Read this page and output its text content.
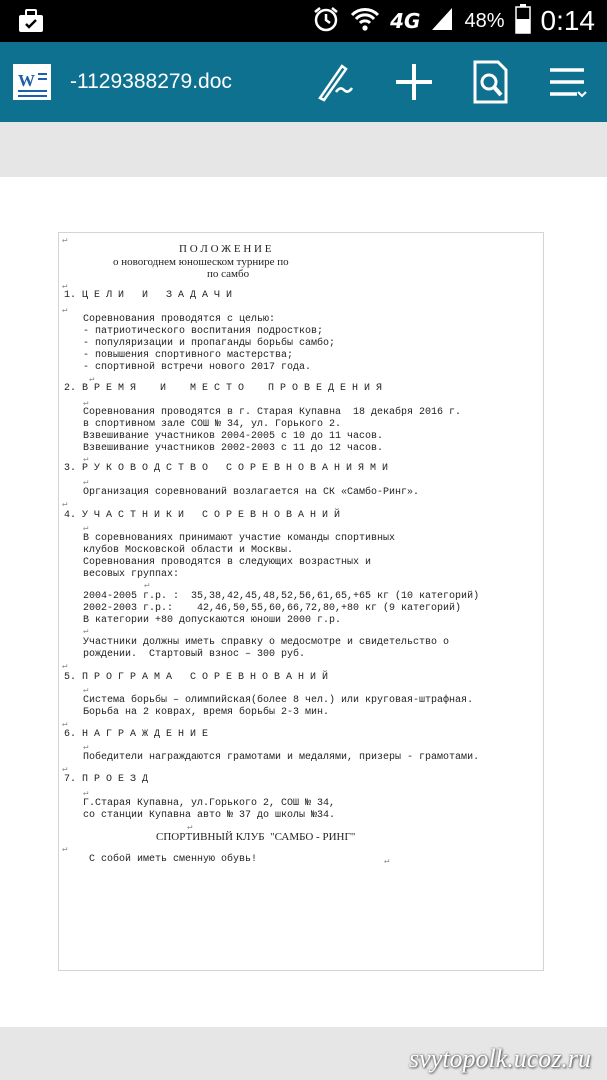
4G 48% 0:14
W -1129388279.doc
П О Л О Ж Е Н И Е
о новогоднем юношеском турнире по
по самбо
1. Ц Е Л И   И   З А Д А Ч И
Соревнования проводятся с целью:
- патриотического воспитания подростков;
- популяризации и пропаганды борьбы самбо;
- повышения спортивного мастерства;
- спортивной встречи нового 2017 года.
2. В Р Е М Я    И    М Е С Т О    П Р О В Е Д Е Н И Я
Соревнования проводятся в г. Старая Купавна  18 декабря 2016 г.
в спортивном зале СОШ № 34, ул. Горького 2.
Взвешивание участников 2004-2005 с 10 до 11 часов.
Взвешивание участников 2002-2003 с 11 до 12 часов.
3. Р У К О В О Д С Т В О   С О Р Е В Н О В А Н И Я М И
Организация соревнований возлагается на СК «Самбо-Ринг».
4. У Ч А С Т Н И К И   С О Р Е В Н О В А Н И Й
В соревнованиях принимают участие команды спортивных
клубов Московской области и Москвы.
Соревнования проводятся в следующих возрастных и
весовых группах:
2004-2005 г.р. :  35,38,42,45,48,52,56,61,65,+65 кг (10 категорий)
2002-2003 г.р.:    42,46,50,55,60,66,72,80,+80 кг (9 категорий)
В категории +80 допускаются юноши 2000 г.р.
Участники должны иметь справку о медосмотре и свидетельство о
рождении.  Стартовый взнос – 300 руб.
5. П Р О Г Р А М А   С О Р Е В Н О В А Н И Й
Система борьбы – олимпийская(более 8 чел.) или круговая-штрафная.
Борьба на 2 коврах, время борьбы 2-3 мин.
6. Н А Г Р А Ж Д Е Н И Е
Победители награждаются грамотами и медалями, призеры - грамотами.
7. П Р О Е З Д
Г.Старая Купавна, ул.Горького 2, СОШ № 34,
со станции Купавна авто № 37 до школы №34.
СПОРТИВНЫЙ КЛУБ  "САМБО - РИНГ"
С собой иметь сменную обувь!
↵
↵
↵
↵
↵
↵
↵
↵
↵
↵
↵
↵
↵
↵
↵
↵
↵
↵
↵
↵
svytopolk.ucoz.ru
